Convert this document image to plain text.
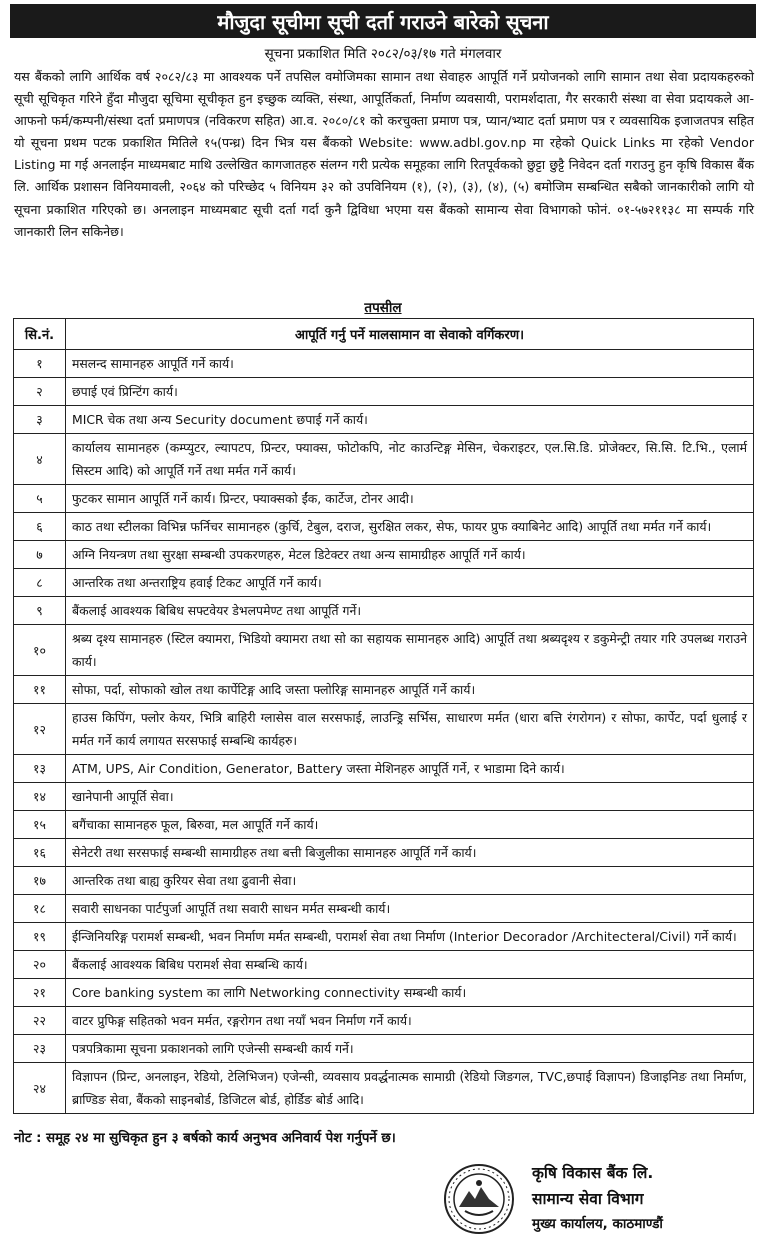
मौजुदा सूचीमा सूची दर्ता गराउने बारेको सूचना
सूचना प्रकाशित मिति २०८२/०३/१७ गते मंगलवार
यस बैंकको लागि आर्थिक वर्ष २०८२/८३ मा आवश्यक पर्ने तपसिल वमोजिमका सामान तथा सेवाहरु आपूर्ति गर्ने प्रयोजनको लागि सामान तथा सेवा प्रदायकहरुको सूची सूचिकृत गरिने हुँदा मौजुदा सूचिमा सूचीकृत हुन इच्छुक व्यक्ति, संस्था, आपूर्तिकर्ता, निर्माण व्यवसायी, परामर्शदाता, गैर सरकारी संस्था वा सेवा प्रदायकले आ-आफनो फर्म/कम्पनी/संस्था दर्ता प्रमाणपत्र (नविकरण सहित) आ.व. २०८०/८१ को करचुक्ता प्रमाण पत्र, प्यान/भ्याट दर्ता प्रमाण पत्र र व्यवसायिक इजाजतपत्र सहित यो सूचना प्रथम पटक प्रकाशित मितिले १५(पन्ध्र) दिन भित्र यस बैंकको Website: www.adbl.gov.np मा रहेको Quick Links मा रहेको Vendor Listing मा गई अनलाईन माध्यमबाट माथि उल्लेखित कागजातहरु संलग्न गरी प्रत्येक समूहका लागि रितपूर्वकको छुट्टा छुट्टै निवेदन दर्ता गराउनु हुन कृषि विकास बैंक लि. आर्थिक प्रशासन विनियमावली, २०६४ को परिच्छेद ५ विनियम ३२ को उपविनियम (१), (२), (३), (४), (५) बमोजिम सम्बन्धित सबैको जानकारीको लागि यो सूचना प्रकाशित गरिएको छ। अनलाइन माध्यमबाट सूची दर्ता गर्दा कुनै द्विविधा भएमा यस बैंकको सामान्य सेवा विभागको फोनं. ०१-५७२११३८ मा सम्पर्क गरि जानकारी लिन सकिनेछ।
तपसील
सि.नं.	आपूर्ति गर्नु पर्ने मालसामान वा सेवाको वर्गिकरण।
१	मसलन्द सामानहरु आपूर्ति गर्ने कार्य।
२	छपाई एवं प्रिन्टिंग कार्य।
३	MICR चेक तथा अन्य Security document छपाई गर्ने कार्य।
४	कार्यालय सामानहरु (कम्प्युटर, ल्यापटप, प्रिन्टर, फ्याक्स, फोटोकपि, नोट काउन्टिङ्ग मेसिन, चेकराइटर, एल.सि.डि. प्रोजेक्टर, सि.सि. टि.भि., एलार्म सिस्टम आदि) को आपूर्ति गर्ने तथा मर्मत गर्ने कार्य।
५	फुटकर सामान आपूर्ति गर्ने कार्य। प्रिन्टर, फ्याक्सको ईंक, कार्टेज, टोनर आदी।
६	काठ तथा स्टीलका विभिन्न फर्निचर सामानहरु (कुर्चि, टेबुल, दराज, सुरक्षित लकर, सेफ, फायर प्रुफ क्याबिनेट आदि) आपूर्ति तथा मर्मत गर्ने कार्य।
७	अग्नि नियन्त्रण तथा सुरक्षा सम्बन्धी उपकरणहरु, मेटल डिटेक्टर तथा अन्य सामाग्रीहरु आपूर्ति गर्ने कार्य।
८	आन्तरिक तथा अन्तराष्ट्रिय हवाई टिकट आपूर्ति गर्ने कार्य।
९	बैंकलाई आवश्यक बिबिध सफ्टवेयर डेभलपमेण्ट तथा आपूर्ति गर्ने।
१०	श्रब्य दृश्य सामानहरु (स्टिल क्यामरा, भिडियो क्यामरा तथा सो का सहायक सामानहरु आदि) आपूर्ति तथा श्रब्यदृश्य र डकुमेन्ट्री तयार गरि उपलब्ध गराउने कार्य।
११	सोफा, पर्दा, सोफाको खोल तथा कार्पेटिङ्ग आदि जस्ता फ्लोरिङ्ग सामानहरु आपूर्ति गर्ने कार्य।
१२	हाउस किपिंग, फ्लोर केयर, भित्रि बाहिरी ग्लासेस वाल सरसफाई, लाउन्ड्रि सर्भिस, साधारण मर्मत (धारा बत्ति रंगरोगन) र सोफा, कार्पेट, पर्दा धुलाई र मर्मत गर्ने कार्य लगायत सरसफाई सम्बन्धि कार्यहरु।
१३	ATM, UPS, Air Condition, Generator, Battery जस्ता मेशिनहरु आपूर्ति गर्ने, र भाडामा दिने कार्य।
१४	खानेपानी आपूर्ति सेवा।
१५	बगैंचाका सामानहरु फूल, बिरुवा, मल आपूर्ति गर्ने कार्य।
१६	सेनेटरी तथा सरसफाई सम्बन्धी सामाग्रीहरु तथा बत्ती बिजुलीका सामानहरु आपूर्ति गर्ने कार्य।
१७	आन्तरिक तथा बाह्य कुरियर सेवा तथा ढुवानी सेवा।
१८	सवारी साधनका पार्टपुर्जा आपूर्ति तथा सवारी साधन मर्मत सम्बन्धी कार्य।
१९	ईन्जिनियरिङ्ग परामर्श सम्बन्धी, भवन निर्माण मर्मत सम्बन्धी, परामर्श सेवा तथा निर्माण (Interior Decorador /Architecteral/Civil) गर्ने कार्य।
२०	बैंकलाई आवश्यक बिबिध परामर्श सेवा सम्बन्धि कार्य।
२१	Core banking system का लागि Networking connectivity सम्बन्धी कार्य।
२२	वाटर प्रुफिङ्ग सहितको भवन मर्मत, रङ्गरोगन तथा नयाँ भवन निर्माण गर्ने कार्य।
२३	पत्रपत्रिकामा सूचना प्रकाशनको लागि एजेन्सी सम्बन्धी कार्य गर्ने।
२४	विज्ञापन (प्रिन्ट, अनलाइन, रेडियो, टेलिभिजन) एजेन्सी, व्यवसाय प्रवर्द्धनात्मक सामाग्री (रेडियो जिङगल, TVC,छपाई विज्ञापन) डिजाइनिङ तथा निर्माण, ब्राण्डिङ सेवा, बैंकको साइनबोर्ड, डिजिटल बोर्ड, होर्डिङ बोर्ड आदि।
नोट : समूह २४ मा सुचिकृत हुन ३ बर्षको कार्य अनुभव अनिवार्य पेश गर्नुपर्ने छ।
कृषि विकास बैंक लि.
सामान्य सेवा विभाग
मुख्य कार्यालय, काठमाण्डौं
